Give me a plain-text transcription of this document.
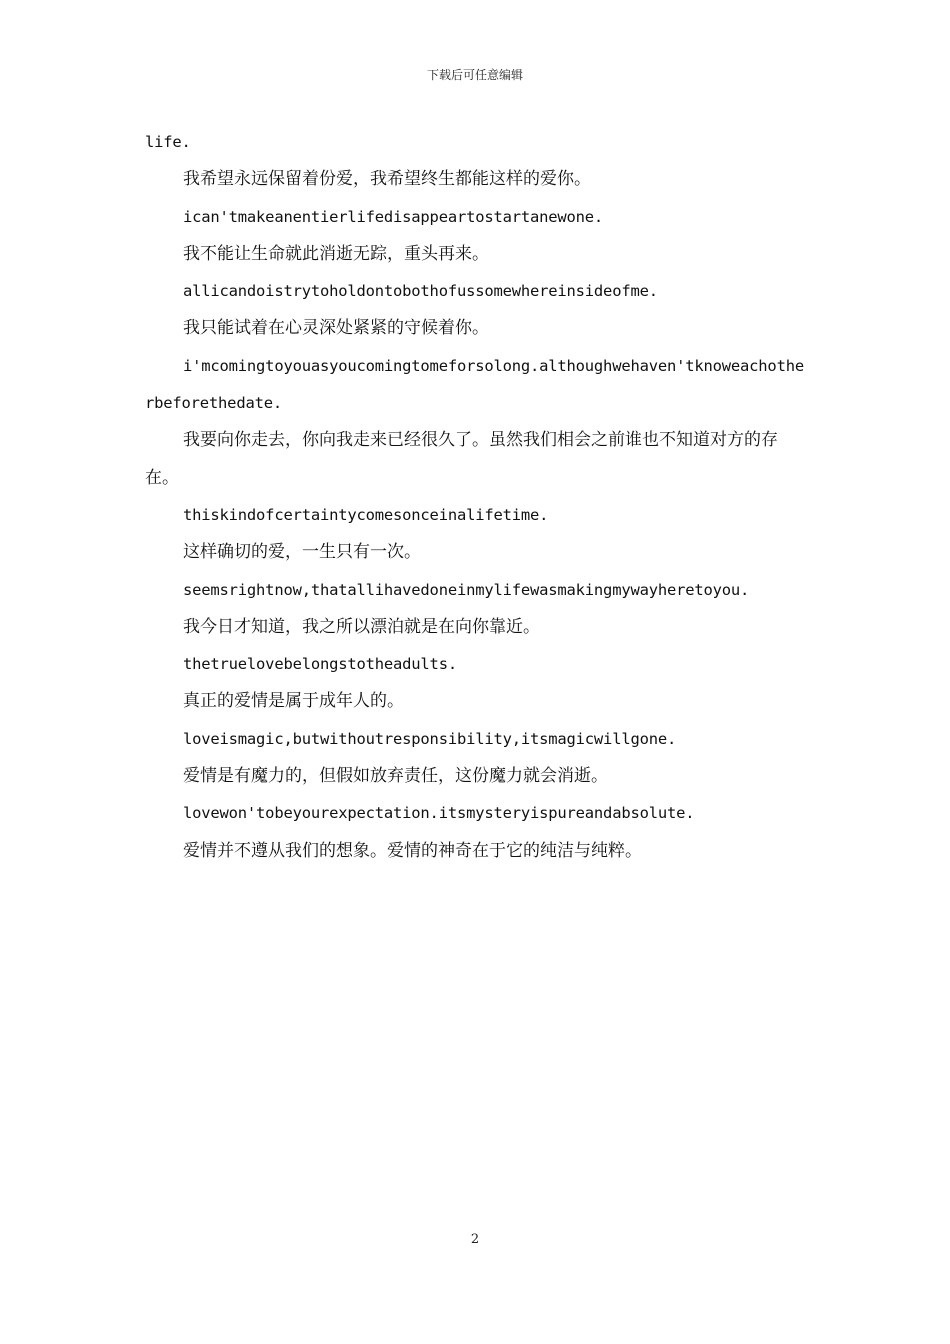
下载后可任意编辑

life.

我希望永远保留着份爱，我希望终生都能这样的爱你。

ican'tmakeanentierlifedisappeartostartanewone.

我不能让生命就此消逝无踪，重头再来。

allicandoistrytoholdontobothofussomewhereinsideofme.

我只能试着在心灵深处紧紧的守候着你。

i'mcomingtoyouasyoucomingtomeforsolong.althoughwehaven'tknoweachotherbeforethedate.

我要向你走去，你向我走来已经很久了。虽然我们相会之前谁也不知道对方的存在。

thiskindofcertaintycomesonceinalifetime.

这样确切的爱，一生只有一次。

seemsrightnow,thatallihavedoneinmylifewasmakingmywayheretoyou.

我今日才知道，我之所以漂泊就是在向你靠近。

thetruelovebelongstotheadults.

真正的爱情是属于成年人的。

loveismagic,butwithoutresponsibility,itsmagicwillgone.

爱情是有魔力的，但假如放弃责任，这份魔力就会消逝。

lovewon'tobeyourexpectation.itsmysteryispureandabsolute.

爱情并不遵从我们的想象。爱情的神奇在于它的纯洁与纯粹。

2
